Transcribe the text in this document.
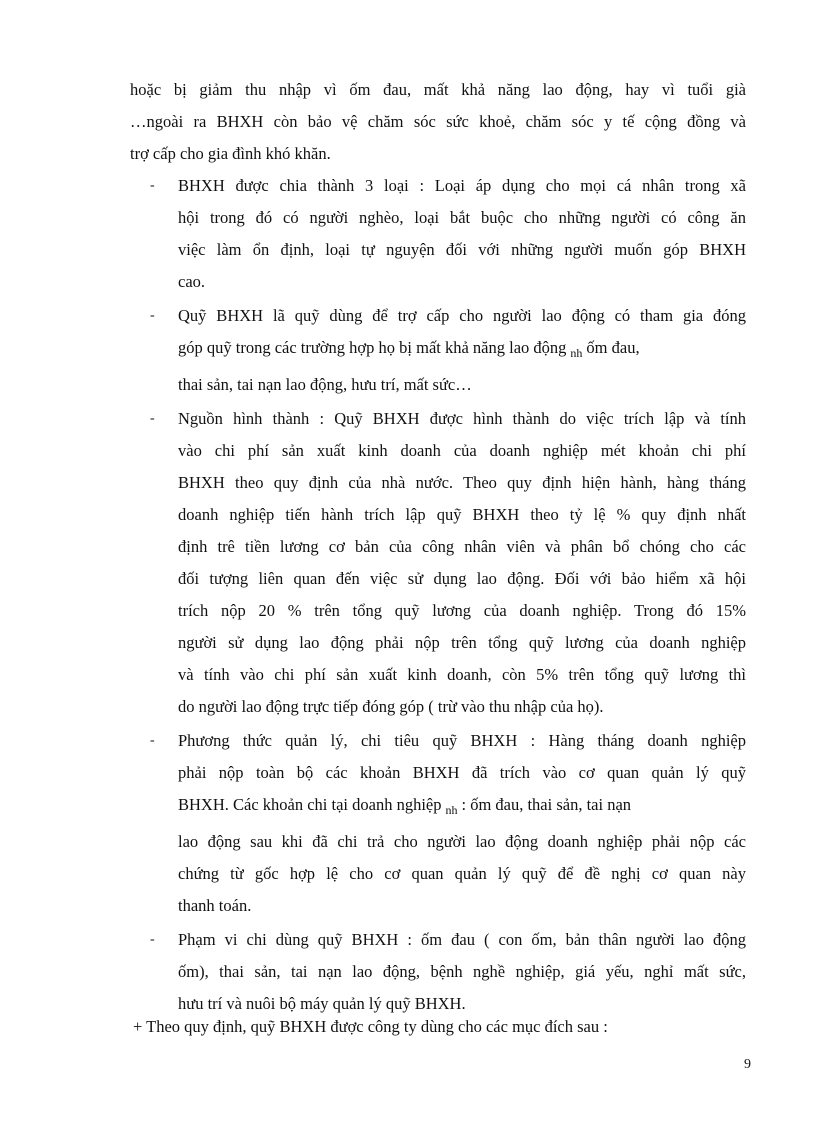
hoặc bị giảm thu nhập vì ốm đau, mất khả năng lao động, hay vì tuổi già
…ngoài ra BHXH còn bảo vệ chăm sóc sức khoẻ, chăm sóc y tế cộng đồng và
trợ cấp cho gia đình khó khăn.
- BHXH được chia thành 3 loại : Loại áp dụng cho mọi cá nhân trong xã
hội trong đó có người nghèo, loại bắt buộc cho những người có công ăn
việc làm ổn định, loại tự nguyện đối với những người muốn góp BHXH
cao.
- Quỹ BHXH lã quỹ dùng để trợ cấp cho người lao động có tham gia đóng
góp quỹ trong các trường hợp họ bị mất khả năng lao động $_{nh}$ ốm đau,
thai sản, tai nạn lao động, hưu trí, mất sức…
- Nguồn hình thành : Quỹ BHXH được hình thành do việc trích lập và tính
vào chi phí sản xuất kinh doanh của doanh nghiệp mét khoản chi phí
BHXH theo quy định của nhà nước. Theo quy định hiện hành, hàng tháng
doanh nghiệp tiến hành trích lập quỹ BHXH theo tỷ lệ % quy định nhất
định trê tiền lương cơ bản của công nhân viên và phân bổ chóng cho các
đối tượng liên quan đến việc sử dụng lao động. Đối với bảo hiểm xã hội
trích nộp 20 % trên tổng quỹ lương của doanh nghiệp. Trong đó 15%
người sử dụng lao động phải nộp trên tổng quỹ lương của doanh nghiệp
và tính vào chi phí sản xuất kinh doanh, còn 5% trên tổng quỹ lương thì
do người lao động trực tiếp đóng góp ( trừ vào thu nhập của họ).
- Phương thức quản lý, chi tiêu quỹ BHXH : Hàng tháng doanh nghiệp
phải nộp toàn bộ các khoản BHXH đã trích vào cơ quan quản lý quỹ
BHXH. Các khoản chi tại doanh nghiệp $_{nh}$ : ốm đau, thai sản, tai nạn
lao động sau khi đã chi trả cho người lao động doanh nghiệp phải nộp các
chứng từ gốc hợp lệ cho cơ quan quản lý quỹ để đề nghị cơ quan này
thanh toán.
- Phạm vi chi dùng quỹ BHXH : ốm đau ( con ốm, bản thân người lao động
ốm), thai sản, tai nạn lao động, bệnh nghề nghiệp, giá yếu, nghỉ mất sức,
hưu trí và nuôi bộ máy quản lý quỹ BHXH.
+ Theo quy định, quỹ BHXH được công ty dùng cho các mục đích sau :
9
